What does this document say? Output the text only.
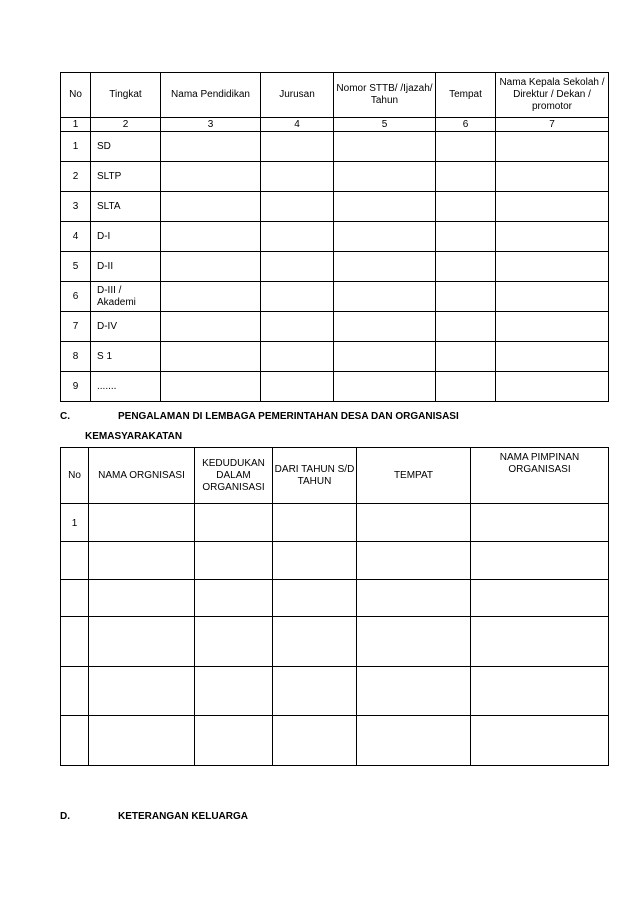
No	Tingkat	Nama Pendidikan	Jurusan	Nomor STTB/ /Ijazah/ Tahun	Tempat	Nama Kepala Sekolah / Direktur / Dekan / promotor
1	2	3	4	5	6	7
1	SD					
2	SLTP					
3	SLTA					
4	D-I					
5	D-II					
6	D-III / Akademi					
7	D-IV					
8	S 1					
9	.......					
C.	PENGALAMAN DI LEMBAGA PEMERINTAHAN DESA DAN ORGANISASI
KEMASYARAKATAN
No	NAMA ORGNISASI	KEDUDUKAN DALAM ORGANISASI	DARI TAHUN S/D TAHUN	TEMPAT	NAMA PIMPINAN ORGANISASI
1					

D.	KETERANGAN KELUARGA
